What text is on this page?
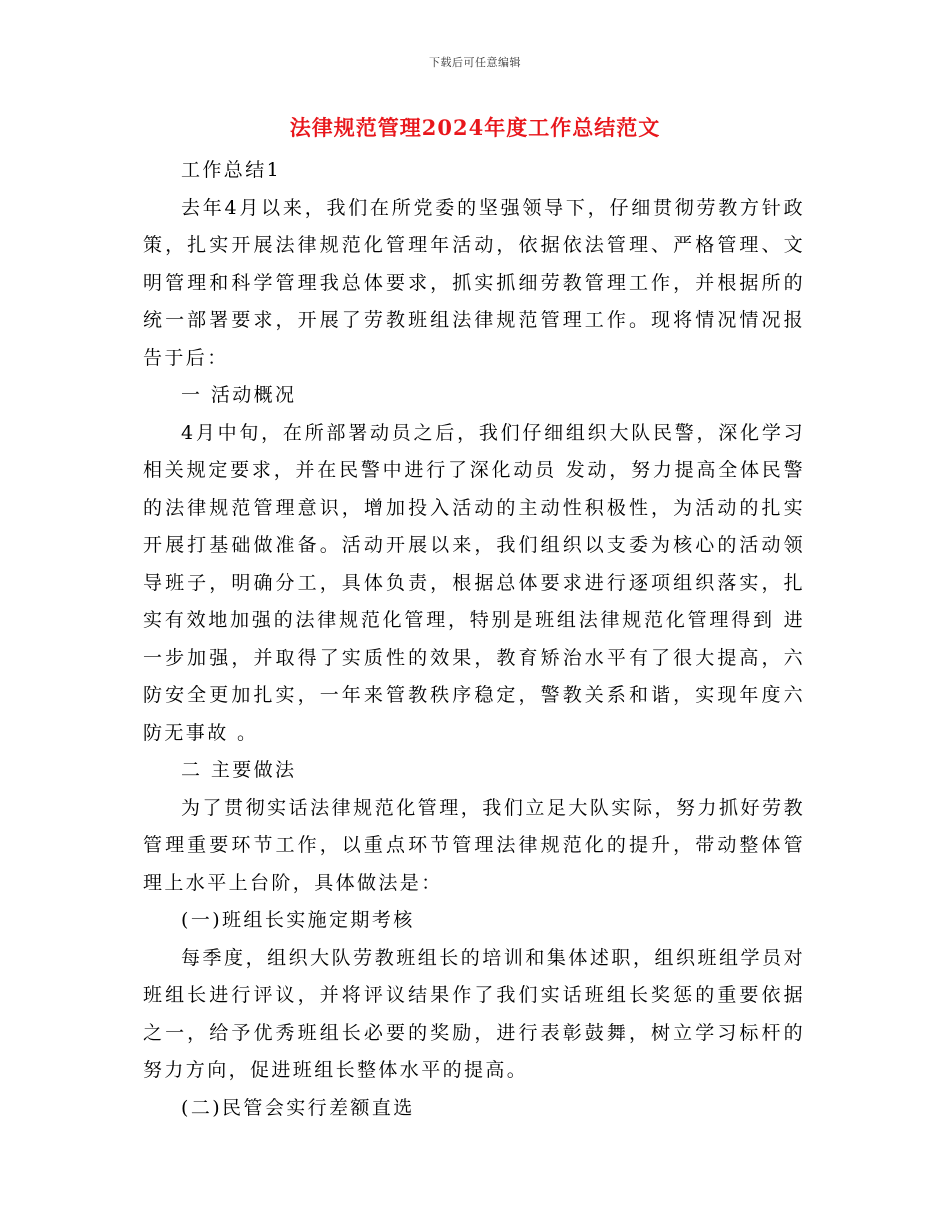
下载后可任意编辑
法律规范管理2024年度工作总结范文

工作总结1

去年4月以来，我们在所党委的坚强领导下，仔细贯彻劳教方针政策，扎实开展法律规范化管理年活动，依据依法管理、严格管理、文明管理和科学管理我总体要求，抓实抓细劳教管理工作，并根据所的统一部署要求，开展了劳教班组法律规范管理工作。现将情况情况报告于后：

一 活动概况

4月中旬，在所部署动员之后，我们仔细组织大队民警，深化学习相关规定要求，并在民警中进行了深化动员 发动，努力提高全体民警的法律规范管理意识，增加投入活动的主动性积极性，为活动的扎实开展打基础做准备。活动开展以来，我们组织以支委为核心的活动领导班子，明确分工，具体负责，根据总体要求进行逐项组织落实，扎实有效地加强的法律规范化管理，特别是班组法律规范化管理得到 进一步加强，并取得了实质性的效果，教育矫治水平有了很大提高，六防安全更加扎实，一年来管教秩序稳定，警教关系和谐，实现年度六防无事故 。

二 主要做法

为了贯彻实话法律规范化管理，我们立足大队实际，努力抓好劳教管理重要环节工作，以重点环节管理法律规范化的提升，带动整体管理上水平上台阶，具体做法是：

(一)班组长实施定期考核

每季度，组织大队劳教班组长的培训和集体述职，组织班组学员对班组长进行评议，并将评议结果作了我们实话班组长奖惩的重要依据之一，给予优秀班组长必要的奖励，进行表彰鼓舞，树立学习标杆的努力方向，促进班组长整体水平的提高。

(二)民管会实行差额直选
